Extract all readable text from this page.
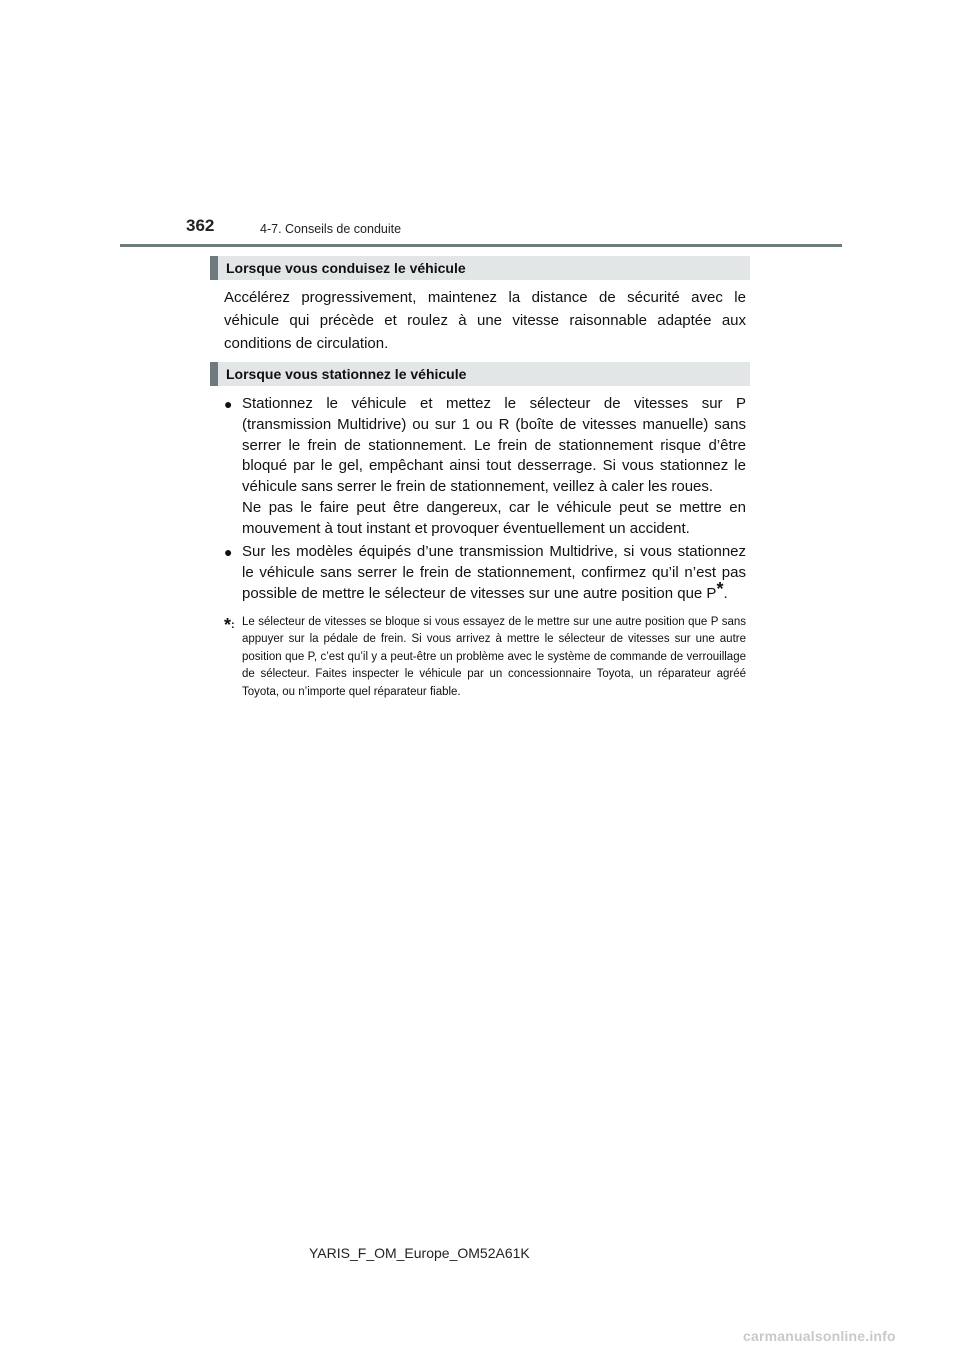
362	4-7. Conseils de conduite
Lorsque vous conduisez le véhicule

Accélérez progressivement, maintenez la distance de sécurité avec le véhicule qui précède et roulez à une vitesse raisonnable adaptée aux conditions de circulation.

Lorsque vous stationnez le véhicule
● Stationnez le véhicule et mettez le sélecteur de vitesses sur P (transmission Multidrive) ou sur 1 ou R (boîte de vitesses manuelle) sans serrer le frein de stationnement. Le frein de stationnement risque d’être bloqué par le gel, empêchant ainsi tout desserrage. Si vous stationnez le véhicule sans serrer le frein de stationnement, veillez à caler les roues.

Ne pas le faire peut être dangereux, car le véhicule peut se mettre en mouvement à tout instant et provoquer éventuellement un accident.

● Sur les modèles équipés d’une transmission Multidrive, si vous stationnez le véhicule sans serrer le frein de stationnement, confirmez qu’il n’est pas possible de mettre le sélecteur de vitesses sur une autre position que P*.

*: Le sélecteur de vitesses se bloque si vous essayez de le mettre sur une autre position que P sans appuyer sur la pédale de frein. Si vous arrivez à mettre le sélecteur de vitesses sur une autre position que P, c’est qu’il y a peut-être un problème avec le système de commande de verrouillage de sélecteur. Faites inspecter le véhicule par un concessionnaire Toyota, un réparateur agréé Toyota, ou n’importe quel réparateur fiable.
YARIS_F_OM_Europe_OM52A61K
carmanualsonline.info
